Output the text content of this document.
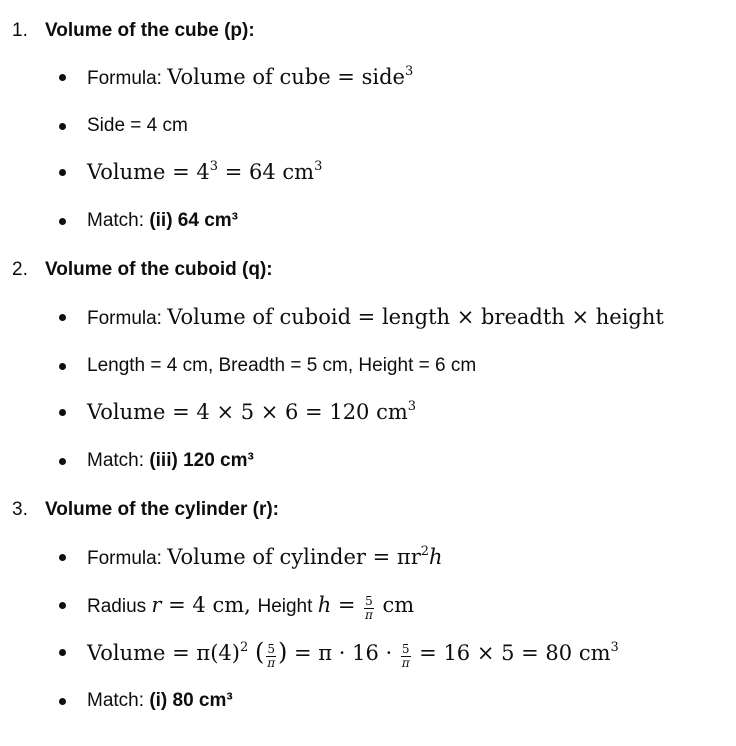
1. Volume of the cube (p):
Formula: Volume of cube = side$^3$
Side = 4 cm
Volume = $4^3 = 64$ $cm^3$
Match: (ii) 64 cm³
2. Volume of the cuboid (q):
Formula: Volume of cuboid = length × breadth × height
Length = 4 cm, Breadth = 5 cm, Height = 6 cm
Volume = 4 × 5 × 6 = 120 $cm^3$
Match: (iii) 120 cm³
3. Volume of the cylinder (r):
Formula: Volume of cylinder = $\pi r^2h$
Radius r = 4 cm, Height $h = \frac{5}{\pi}$ cm
Volume = $\pi(4)^2$ ( $\frac{5}{\pi}$ ) = $\pi \cdot 16 \cdot \frac{5}{\pi} = 16 \times 5 = 80$ $cm^3$
Match: (i) 80 cm³
